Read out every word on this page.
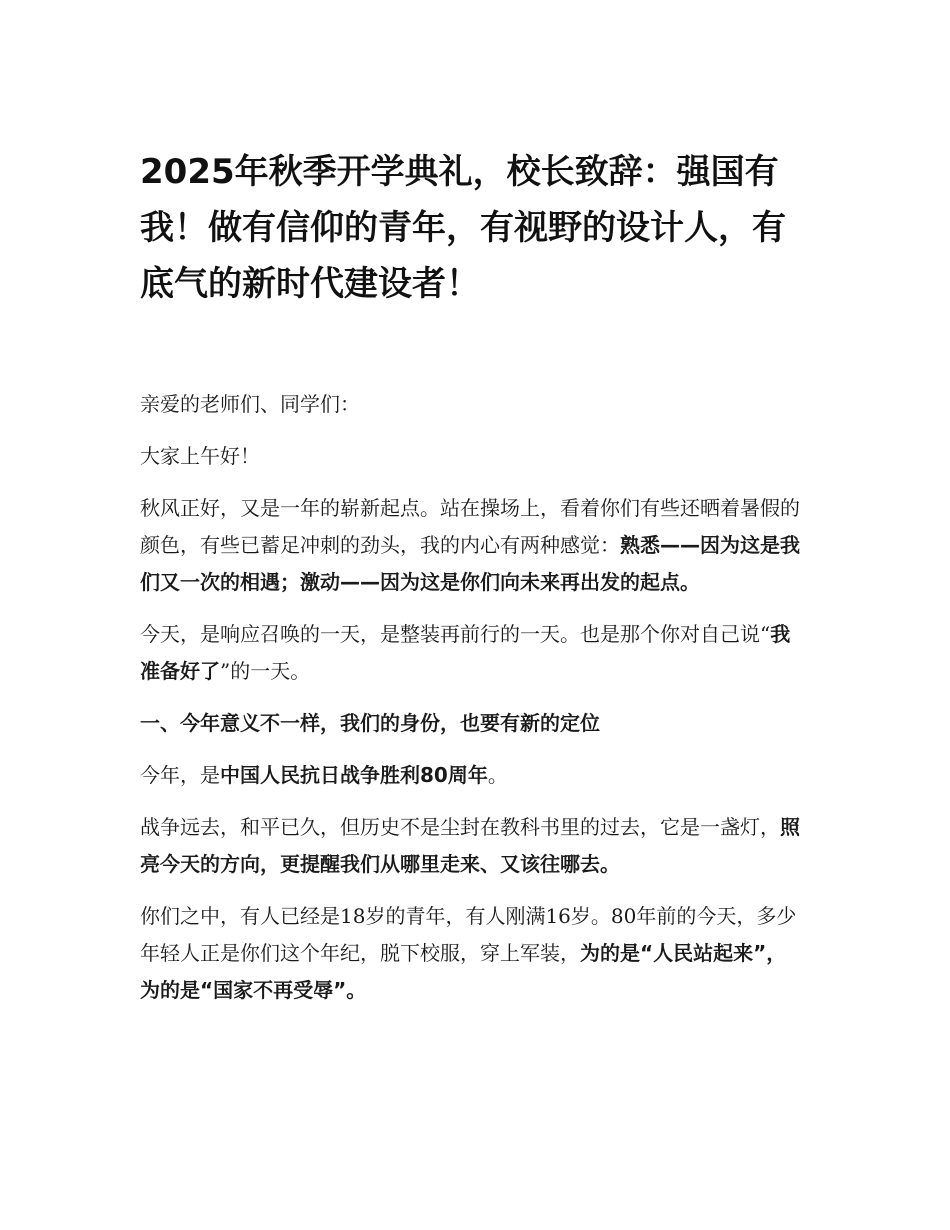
2025年秋季开学典礼，校长致辞：强国有我！做有信仰的青年，有视野的设计人，有底气的新时代建设者！

亲爱的老师们、同学们：

大家上午好！

秋风正好，又是一年的崭新起点。站在操场上，看着你们有些还晒着暑假的颜色，有些已蓄足冲刺的劲头，我的内心有两种感觉：熟悉——因为这是我们又一次的相遇；激动——因为这是你们向未来再出发的起点。

今天，是响应召唤的一天，是整装再前行的一天。也是那个你对自己说“我准备好了”的一天。

一、今年意义不一样，我们的身份，也要有新的定位

今年，是中国人民抗日战争胜利80周年。

战争远去，和平已久，但历史不是尘封在教科书里的过去，它是一盏灯，照亮今天的方向，更提醒我们从哪里走来、又该往哪去。

你们之中，有人已经是18岁的青年，有人刚满16岁。80年前的今天，多少年轻人正是你们这个年纪，脱下校服，穿上军装，为的是“人民站起来”，为的是“国家不再受辱”。
